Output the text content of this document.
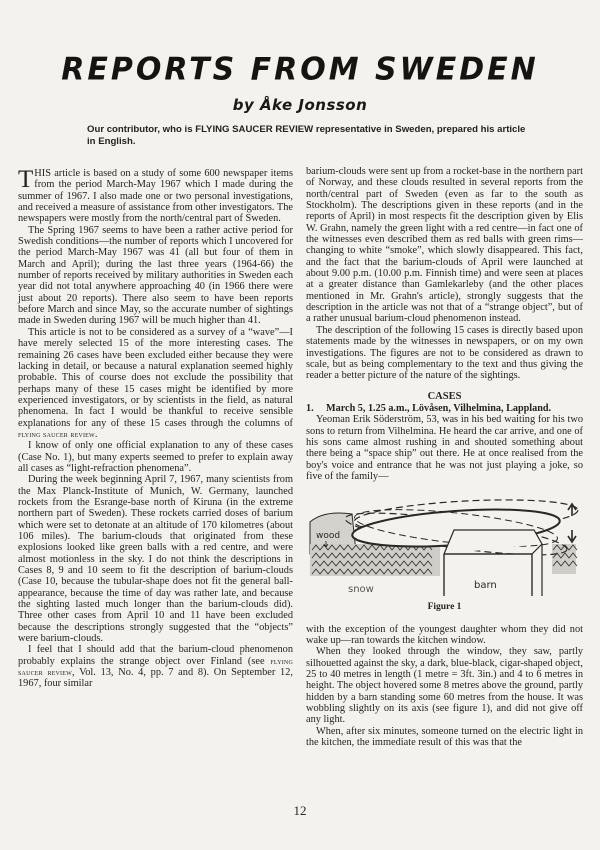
REPORTS FROM SWEDEN
by Åke Jonsson
Our contributor, who is FLYING SAUCER REVIEW representative in Sweden, prepared his article in English.

THIS article is based on a study of some 600 newspaper items from the period March-May 1967 which I made during the summer of 1967. I also made one or two personal investigations, and received a measure of assistance from other investigators. The newspapers were mostly from the north/central part of Sweden.

The Spring 1967 seems to have been a rather active period for Swedish conditions—the number of reports which I uncovered for the period March-May 1967 was 41 (all but four of them in March and April); during the last three years (1964-66) the number of reports received by military authorities in Sweden each year did not total anywhere approaching 40 (in 1966 there were just about 20 reports). There also seem to have been reports before March and since May, so the accurate number of sightings made in Sweden during 1967 will be much higher than 41.

This article is not to be considered as a survey of a “wave”—I have merely selected 15 of the more interesting cases. The remaining 26 cases have been excluded either because they were lacking in detail, or because a natural explanation seemed highly probable. This of course does not exclude the possibility that perhaps many of these 15 cases might be identified by more experienced investigators, or by scientists in the field, as natural phenomena. In fact I would be thankful to receive sensible explanations for any of these 15 cases through the columns of flying saucer review.

I know of only one official explanation to any of these cases (Case No. 1), but many experts seemed to prefer to explain away all cases as “light-refraction phenomena”.

During the week beginning April 7, 1967, many scientists from the Max Planck-Institute of Munich, W. Germany, launched rockets from the Esrange-base north of Kiruna (in the extreme northern part of Sweden). These rockets carried doses of barium which were set to detonate at an altitude of 170 kilometres (about 106 miles). The barium-clouds that originated from these explosions looked like green balls with a red centre, and were almost motionless in the sky. I do not think the descriptions in Cases 8, 9 and 10 seem to fit the description of barium-clouds (Case 10, because the tubular-shape does not fit the general ball-appearance, because the time of day was rather late, and because the sighting lasted much longer than the barium-clouds did). Three other cases from April 10 and 11 have been excluded because the descriptions strongly suggested that the “objects” were barium-clouds.

I feel that I should add that the barium-cloud phenomenon probably explains the strange object over Finland (see flying saucer review, Vol. 13, No. 4, pp. 7 and 8). On September 12, 1967, four similar

barium-clouds were sent up from a rocket-base in the northern part of Norway, and these clouds resulted in several reports from the north/central part of Sweden (even as far to the south as Stockholm). The descriptions given in these reports (and in the reports of April) in most respects fit the description given by Elis W. Grahn, namely the green light with a red centre—in fact one of the witnesses even described them as red balls with green rims—changing to white “smoke”, which slowly disappeared. This fact, and the fact that the barium-clouds of April were launched at about 9.00 p.m. (10.00 p.m. Finnish time) and were seen at places at a greater distance than Gamlekarleby (and the other places mentioned in Mr. Grahn's article), strongly suggests that the description in the article was not that of a “strange object”, but of a rather unusual barium-cloud phenomenon instead.

The description of the following 15 cases is directly based upon statements made by the witnesses in newspapers, or on my own investigations. The figures are not to be considered as drawn to scale, but as being complementary to the text and thus giving the reader a better picture of the nature of the sightings.

CASES

1. March 5, 1.25 a.m., Lövåsen, Vilhelmina, Lappland.

Yeoman Erik Söderström, 53, was in his bed waiting for his two sons to return from Vilhelmina. He heard the car arrive, and one of his sons came almost rushing in and shouted something about there being a “space ship” out there. He at once realised from the boy's voice and entrance that he was not just playing a joke, so five of the family—

wood
snow	barn
Figure 1

with the exception of the youngest daughter whom they did not wake up—ran towards the kitchen window.

When they looked through the window, they saw, partly silhouetted against the sky, a dark, blue-black, cigar-shaped object, 25 to 40 metres in length (1 metre = 3ft. 3in.) and 4 to 6 metres in height. The object hovered some 8 metres above the ground, partly hidden by a barn standing some 60 metres from the house. It was wobbling slightly on its axis (see figure 1), and did not give off any light.

When, after six minutes, someone turned on the electric light in the kitchen, the immediate result of this was that the

12
